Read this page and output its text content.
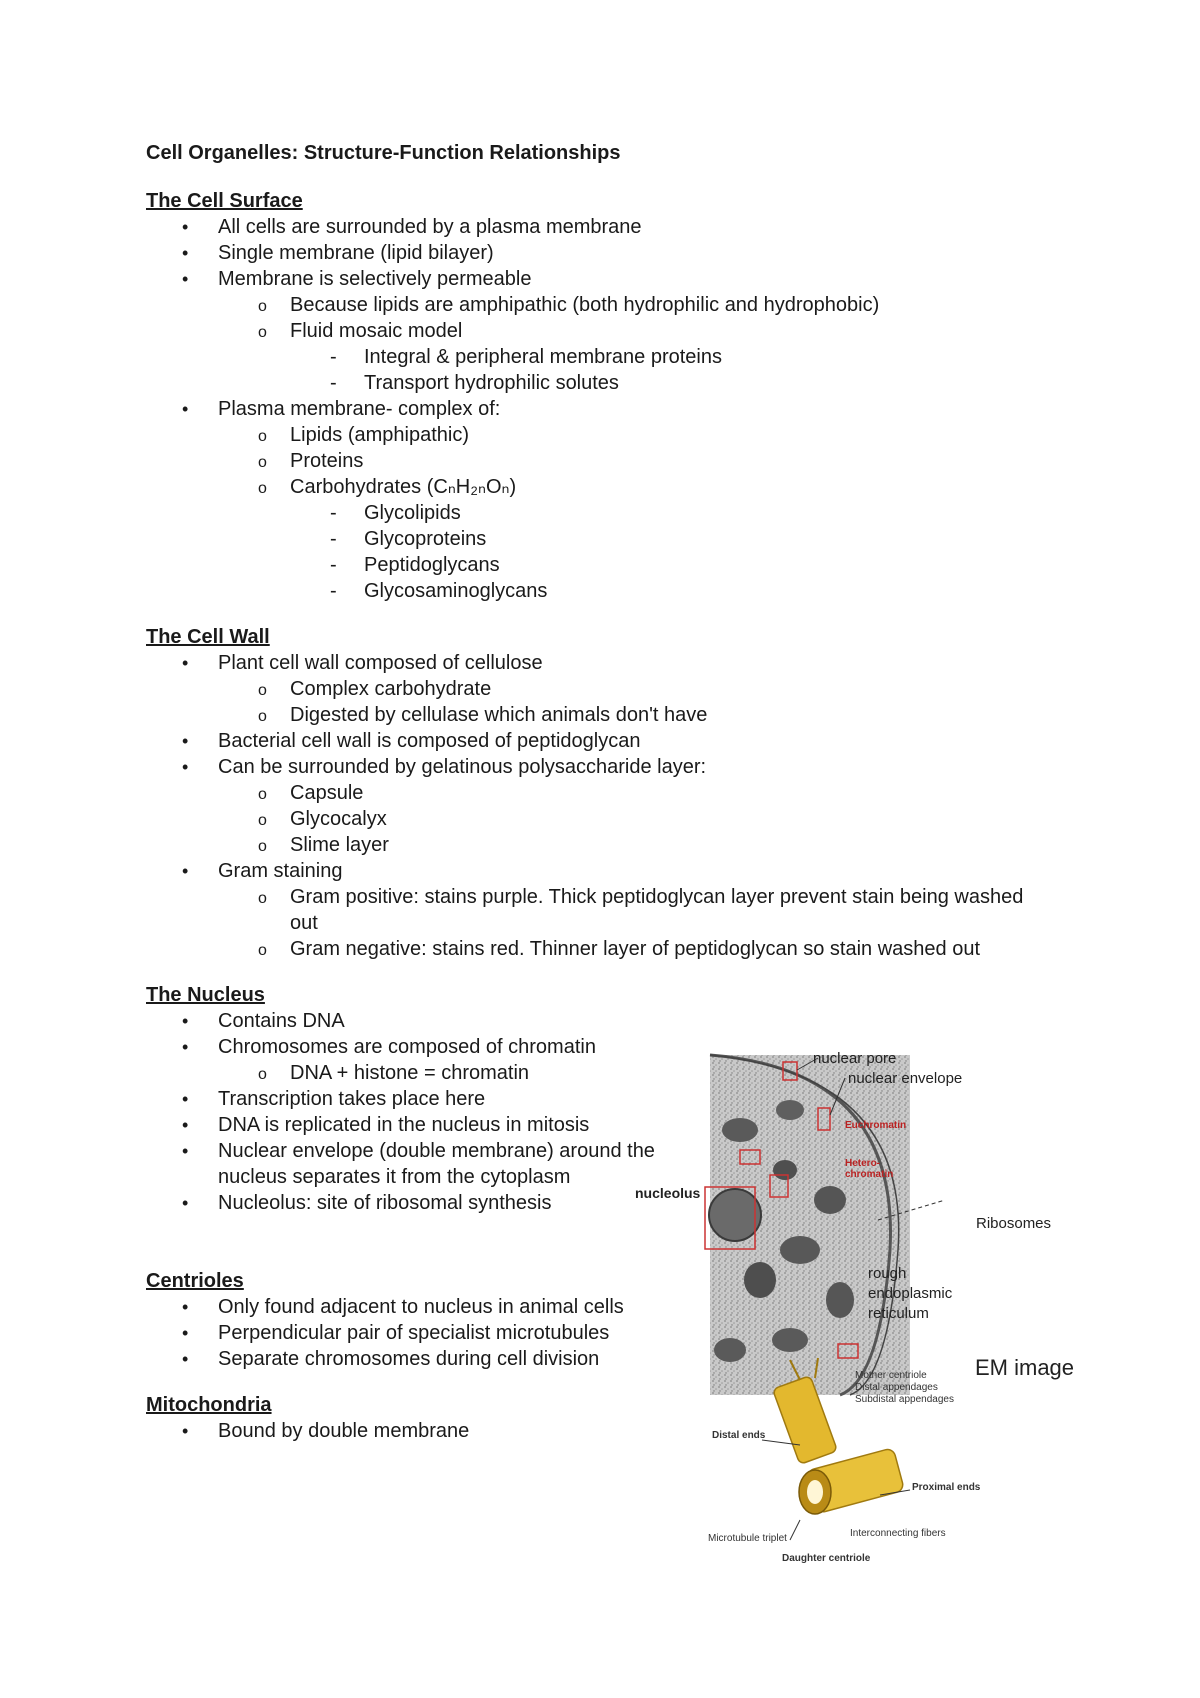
Cell Organelles: Structure-Function Relationships
The Cell Surface
• All cells are surrounded by a plasma membrane
• Single membrane (lipid bilayer)
• Membrane is selectively permeable
o Because lipids are amphipathic (both hydrophilic and hydrophobic)
o Fluid mosaic model
- Integral & peripheral membrane proteins
- Transport hydrophilic solutes
• Plasma membrane- complex of:
o Lipids (amphipathic)
o Proteins
o Carbohydrates (CₙH₂ₙOₙ)
- Glycolipids
- Glycoproteins
- Peptidoglycans
- Glycosaminoglycans
The Cell Wall
• Plant cell wall composed of cellulose
o Complex carbohydrate
o Digested by cellulase which animals don't have
• Bacterial cell wall is composed of peptidoglycan
• Can be surrounded by gelatinous polysaccharide layer:
o Capsule
o Glycocalyx
o Slime layer
• Gram staining
o Gram positive: stains purple. Thick peptidoglycan layer prevent stain being washed out
o Gram negative: stains red. Thinner layer of peptidoglycan so stain washed out
The Nucleus
• Contains DNA
• Chromosomes are composed of chromatin
o DNA + histone = chromatin
• Transcription takes place here
• DNA is replicated in the nucleus in mitosis
• Nuclear envelope (double membrane) around the nucleus separates it from the cytoplasm
• Nucleolus: site of ribosomal synthesis
Centrioles
• Only found adjacent to nucleus in animal cells
• Perpendicular pair of specialist microtubules
• Separate chromosomes during cell division
Mitochondria
• Bound by double membrane
nuclear pore
nuclear envelope
Euchromatin
Hetero-chromatin
nucleolus
Ribosomes
rough endoplasmic reticulum
EM image
Mother centriole
Distal appendages
Subdistal appendages
Distal ends
Proximal ends
Microtubule triplet	Interconnecting fibers
Daughter centriole
